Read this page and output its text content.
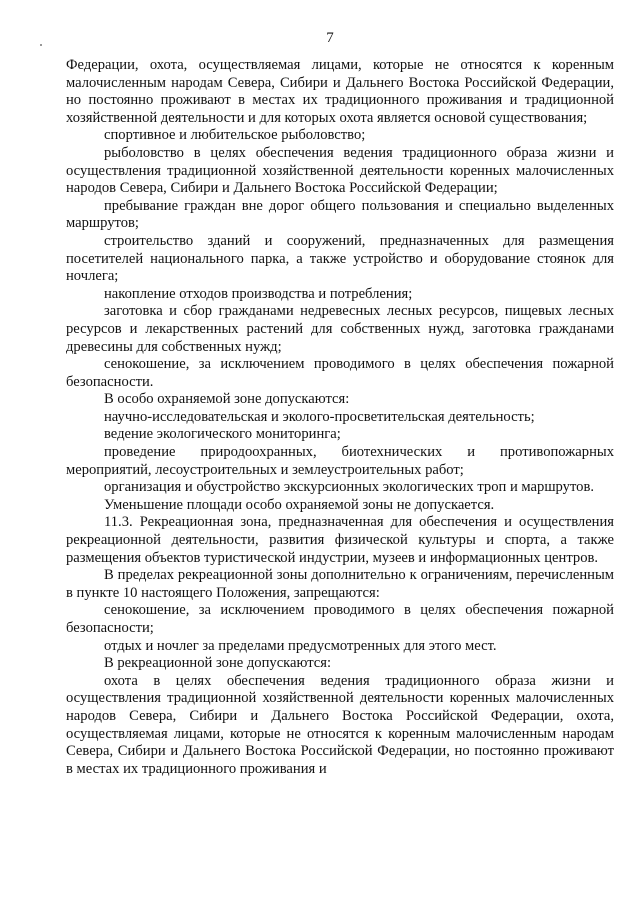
7

Федерации, охота, осуществляемая лицами, которые не относятся к коренным малочисленным народам Севера, Сибири и Дальнего Востока Российской Федерации, но постоянно проживают в местах их традиционного проживания и традиционной хозяйственной деятельности и для которых охота является основой существования;

спортивное и любительское рыболовство;

рыболовство в целях обеспечения ведения традиционного образа жизни и осуществления традиционной хозяйственной деятельности коренных малочисленных народов Севера, Сибири и Дальнего Востока Российской Федерации;

пребывание граждан вне дорог общего пользования и специально выделенных маршрутов;

строительство зданий и сооружений, предназначенных для размещения посетителей национального парка, а также устройство и оборудование стоянок для ночлега;

накопление отходов производства и потребления;

заготовка и сбор гражданами недревесных лесных ресурсов, пищевых лесных ресурсов и лекарственных растений для собственных нужд, заготовка гражданами древесины для собственных нужд;

сенокошение, за исключением проводимого в целях обеспечения пожарной безопасности.

В особо охраняемой зоне допускаются:

научно-исследовательская и эколого-просветительская деятельность;

ведение экологического мониторинга;

проведение природоохранных, биотехнических и противопожарных мероприятий, лесоустроительных и землеустроительных работ;

организация и обустройство экскурсионных экологических троп и маршрутов.

Уменьшение площади особо охраняемой зоны не допускается.

11.3. Рекреационная зона, предназначенная для обеспечения и осуществления рекреационной деятельности, развития физической культуры и спорта, а также размещения объектов туристической индустрии, музеев и информационных центров.

В пределах рекреационной зоны дополнительно к ограничениям, перечисленным в пункте 10 настоящего Положения, запрещаются:

сенокошение, за исключением проводимого в целях обеспечения пожарной безопасности;

отдых и ночлег за пределами предусмотренных для этого мест.

В рекреационной зоне допускаются:

охота в целях обеспечения ведения традиционного образа жизни и осуществления традиционной хозяйственной деятельности коренных малочисленных народов Севера, Сибири и Дальнего Востока Российской Федерации, охота, осуществляемая лицами, которые не относятся к коренным малочисленным народам Севера, Сибири и Дальнего Востока Российской Федерации, но постоянно проживают в местах их традиционного проживания и
